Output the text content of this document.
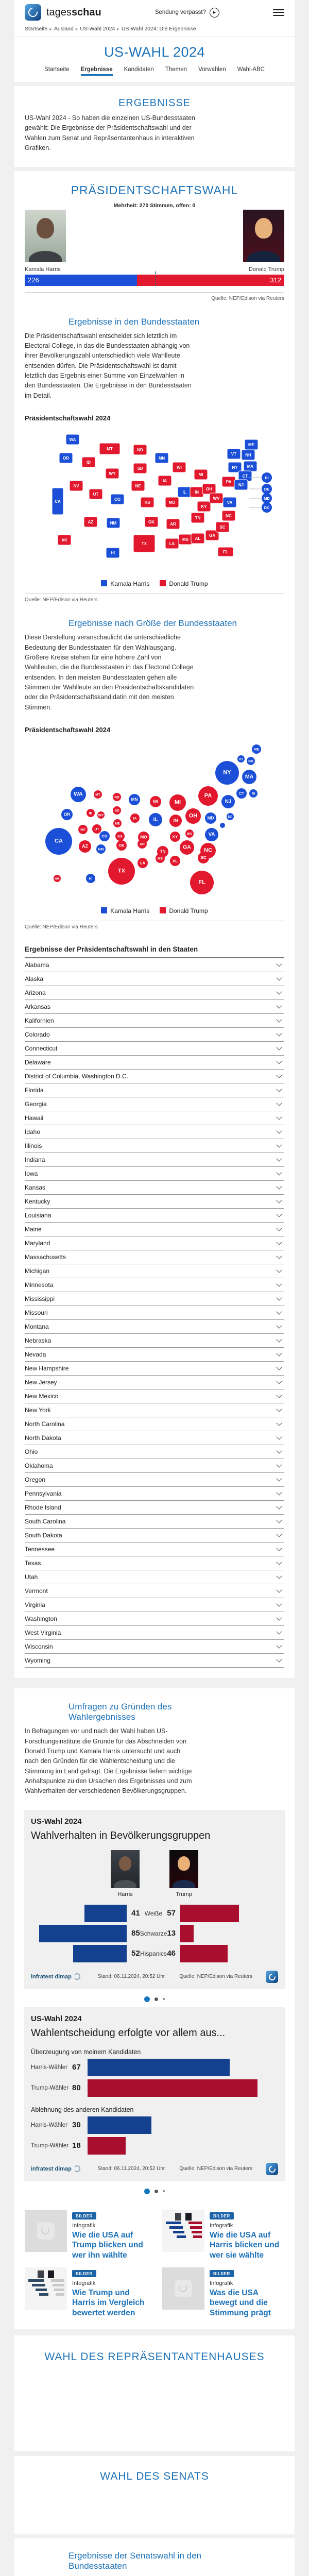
tagesschau	Sendung verpasst?	▶
Startseite ▸ Ausland ▸ US-Wahl 2024 ▸ US-Wahl 2024: Die Ergebnisse
US-WAHL 2024
Startseite Ergebnisse Kandidaten Themen Vorwahlen Wahl-ABC
ERGEBNISSE

US-Wahl 2024 - So haben die einzelnen US-Bundesstaaten gewählt: Die Ergebnisse der Präsidentschaftswahl und der Wahlen zum Senat und Repräsentantenhaus in interaktiven Grafiken.

PRÄSIDENTSCHAFTSWAHL
Mehrheit: 270 Stimmen, offen: 0
Kamala Harris	Donald Trump
226	312
Quelle: NEP/Edison via Reuters
Ergebnisse in den Bundesstaaten

Die Präsidentschaftswahl entscheidet sich letztlich im Electoral College, in das die Bundesstaaten abhängig von ihrer Bevölkerungszahl unterschiedlich viele Wahlleute entsenden dürfen. Die Präsidentschaftswahl ist damit letztlich das Ergebnis einer Summe von Einzelwahlen in den Bundesstaaten. Die Ergebnisse in den Bundesstaaten im Detail.

Präsidentschaftswahl 2024
WA
OR
CA
ID
NV
UT
AZ
MT
WY
CO
NM
ND
SD
NE
KS
OK
TX
MN
IA
MO
AR
LA
WI
IL
MS
IN
MI
OH
KY
TN
AL
WV
GA
NY
PA
VA
NC
SC
FL
ME
VT NH
MA
CT
NJ
AK
HI
RI
DE
MD
DC
Kamala Harris	Donald Trump
Quelle: NEP/Edison via Reuters
Ergebnisse nach Größe der Bundesstaaten

Diese Darstellung veranschaulicht die unterschiedliche Bedeutung der Bundesstaaten für den Wahlausgang. Größere Kreise stehen für eine höhere Zahl von Wahlleuten, die die Bundesstaaten in das Electoral College entsenden. In den meisten Bundesstaaten gehen alle Stimmen der Wahlleute an den Präsidentschaftskandidaten oder die Präsidentschaftskandidatin mit den meisten Stimmen.

Präsidentschaftswahl 2024
ME
VT
NH
NY
MA
WA	MT
ND	MN	WI	MI
PA
NJ
CT RI
OR	ID
WY
SD
OH
IN
IL
IA
NE
NV	UT
CO	KS	MO	KY
WV	VA
MD	DE
CA
TN	NC
AZ
NM
OK	AR
SC
GA
MS	AL
LA
TX
FL
AK	HI
Kamala Harris	Donald Trump
Quelle: NEP/Edison via Reuters
Ergebnisse der Präsidentschaftswahl in den Staaten
Alabama
Alaska
Arizona
Arkansas
Kalifornien
Colorado
Connecticut
Delaware
District of Columbia, Washington D.C.
Florida
Georgia
Hawaii
Idaho
Illinois
Indiana
Iowa
Kansas
Kentucky
Louisiana
Maine
Maryland
Massachusetts
Michigan
Minnesota
Mississippi
Missouri
Montana
Nebraska
Nevada
New Hampshire
New Jersey
New Mexico
New York
North Carolina
North Dakota
Ohio
Oklahoma
Oregon
Pennsylvania
Rhode Island
South Carolina
South Dakota
Tennessee
Texas
Utah
Vermont
Virginia
Washington
West Virginia
Wisconsin
Wyoming
Umfragen zu Gründen des Wahlergebnisses

In Befragungen vor und nach der Wahl haben US-Forschungsinstitute die Gründe für das Abschneiden von Donald Trump und Kamala Harris untersucht und auch nach den Gründen für die Wahlentscheidung und die Stimmung im Land gefragt. Die Ergebnisse liefern wichtige Anhaltspunkte zu den Ursachen des Ergebnisses und zum Wahlverhalten der verschiedenen Bevölkerungsgruppen.

US-Wahl 2024
Wahlverhalten in Bevölkerungsgruppen
Harris	Trump
41 Weiße 57
85 Schwarze 13
52 Hispanics 46
infratest dimap	Stand: 06.11.2024, 20:52 Uhr	Quelle: NEP/Edison via Reuters
US-Wahl 2024
Wahlentscheidung erfolgte vor allem aus...
Überzeugung von meinem Kandidaten
Harris-Wähler 67
Trump-Wähler 80
Ablehnung des anderen Kandidaten
Harris-Wähler 30
Trump-Wähler 18
infratest dimap	Stand: 06.11.2024, 20:52 Uhr	Quelle: NEP/Edison via Reuters
BILDER
Infografik
Wie die USA auf Trump blicken und wer ihn wählte
BILDER
Infografik
Wie die USA auf Harris blicken und wer sie wählte
BILDER
Infografik
Wie Trump und Harris im Vergleich bewertet werden
BILDER
Infografik
Was die USA bewegt und die Stimmung prägt
WAHL DES REPRÄSENTANTENHAUSES
WAHL DES SENATS
Ergebnisse der Senatswahl in den Bundesstaaten
